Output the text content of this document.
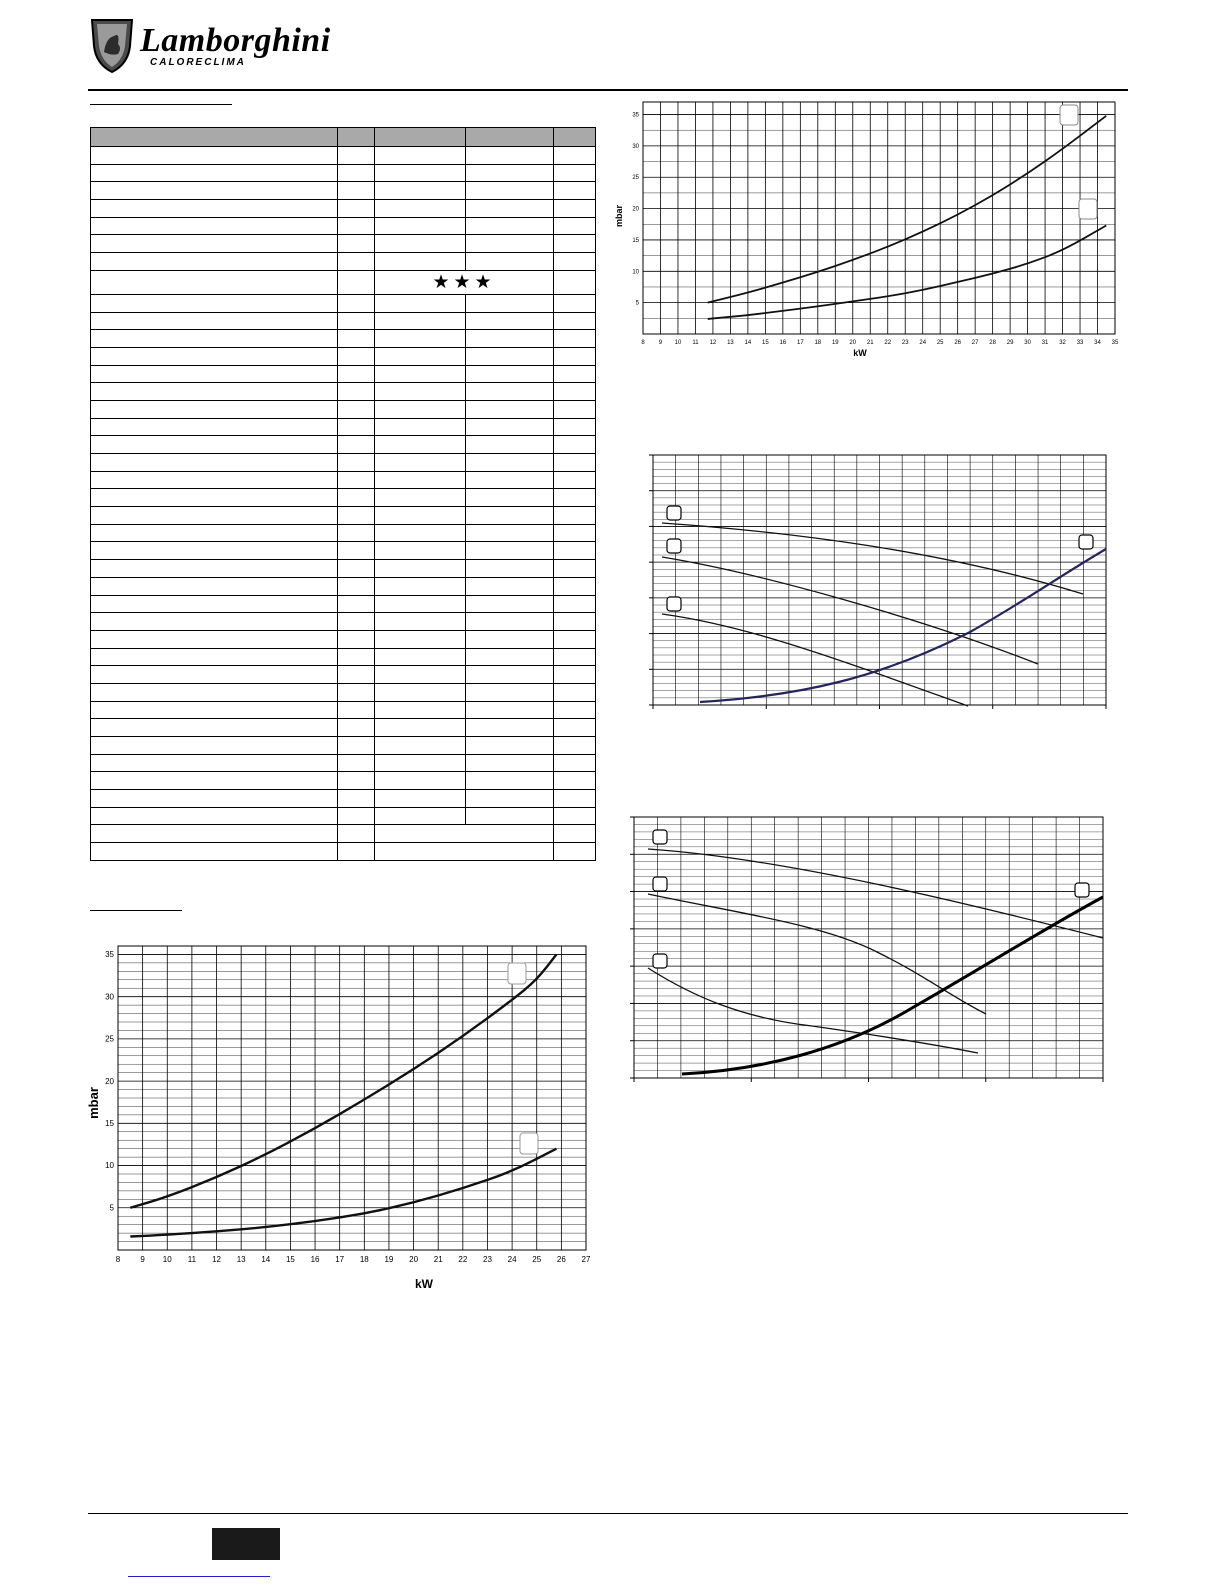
Lamborghini
CALORECLIMA

		★★★		

8 9 10 11 12 13 14 15 16 17 18 19 20 21 22 23 24 25 26 27 28 29 30 31 32 33 34 35
5
10
15
20
25
30
35
mbar
kW
8	9 10 11 12 13 14 15 16 17 18 19 20 21 22 23 24 25 26 27
5
10
15
20
25
30
35
mbar
kW
